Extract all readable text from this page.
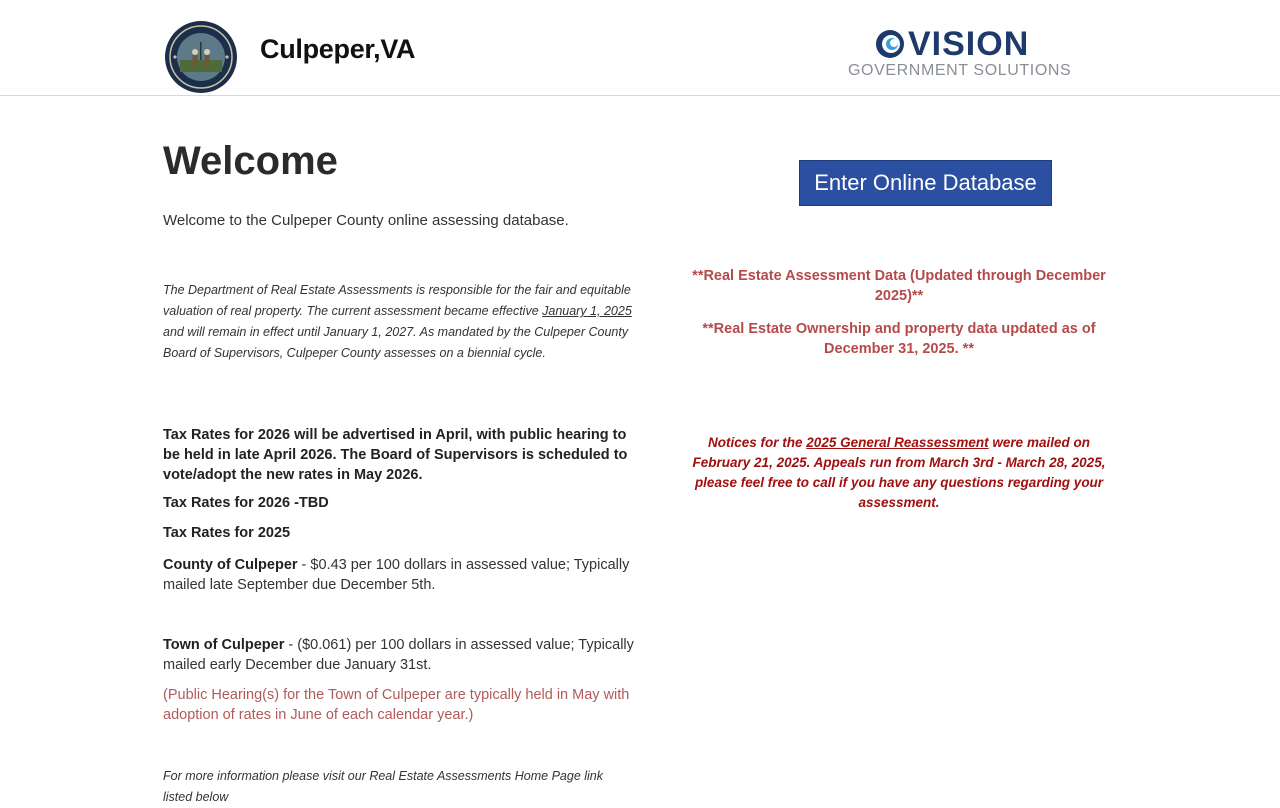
Culpeper,VA	VISION
GOVERNMENT SOLUTIONS
Welcome
Welcome to the Culpeper County online assessing database.
The Department of Real Estate Assessments is responsible for the fair and equitable valuation of real property. The current assessment became effective January 1, 2025 and will remain in effect until January 1, 2027. As mandated by the Culpeper County Board of Supervisors, Culpeper County assesses on a biennial cycle.
Tax Rates for 2026 will be advertised in April, with public hearing to be held in late April 2026. The Board of Supervisors is scheduled to vote/adopt the new rates in May 2026.
Tax Rates for 2026 -TBD
Tax Rates for 2025
County of Culpeper - $0.43 per 100 dollars in assessed value; Typically mailed late September due December 5th.
Town of Culpeper - ($0.061) per 100 dollars in assessed value; Typically mailed early December due January 31st.
(Public Hearing(s) for the Town of Culpeper are typically held in May with adoption of rates in June of each calendar year.)
For more information please visit our Real Estate Assessments Home Page link listed below
Enter Online Database
**Real Estate Assessment Data (Updated through December 2025)**
**Real Estate Ownership and property data updated as of December 31, 2025. **
Notices for the 2025 General Reassessment were mailed on February 21, 2025. Appeals run from March 3rd - March 28, 2025, please feel free to call if you have any questions regarding your assessment.
